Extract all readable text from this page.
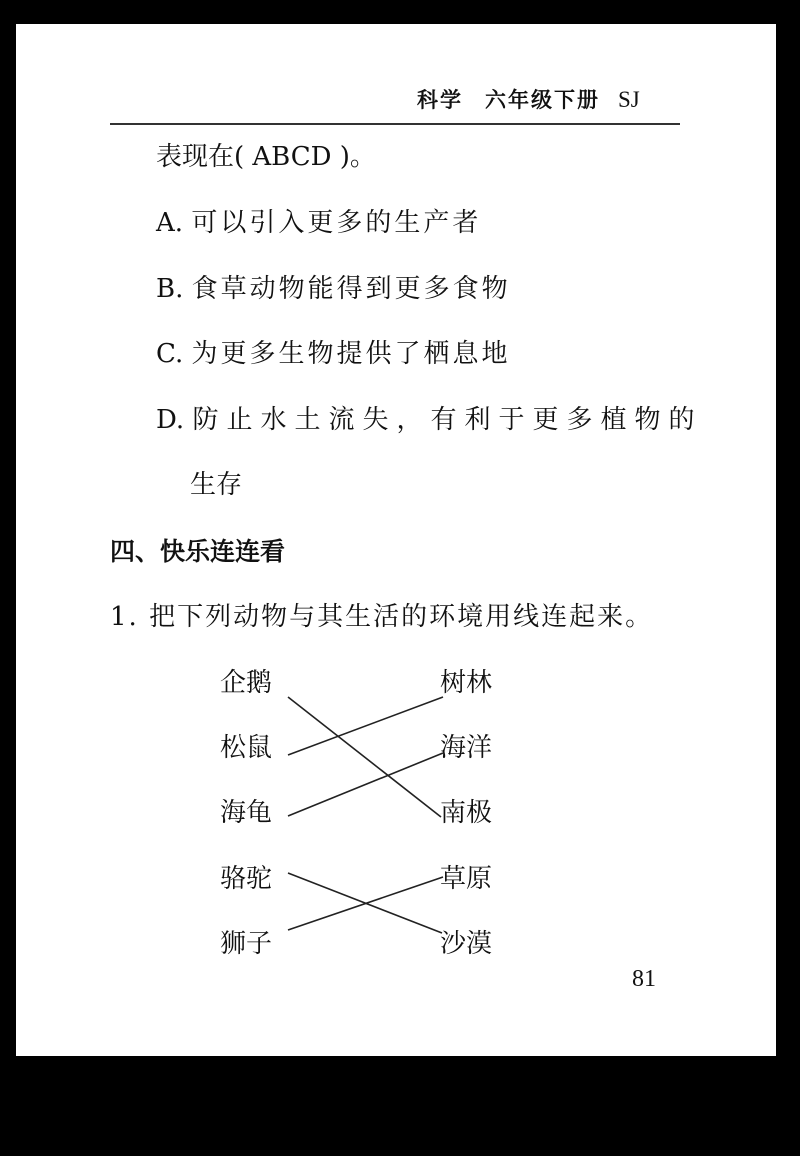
科学 六年级下册 SJ
表现在( ABCD )。
A. 可以引入更多的生产者
B. 食草动物能得到更多食物
C. 为更多生物提供了栖息地
D. 防止水土流失，有利于更多植物的
生存
四、快乐连连看
1. 把下列动物与其生活的环境用线连起来。
企鹅
松鼠
海龟
骆驼
狮子
树林
海洋
南极
草原
沙漠
81
